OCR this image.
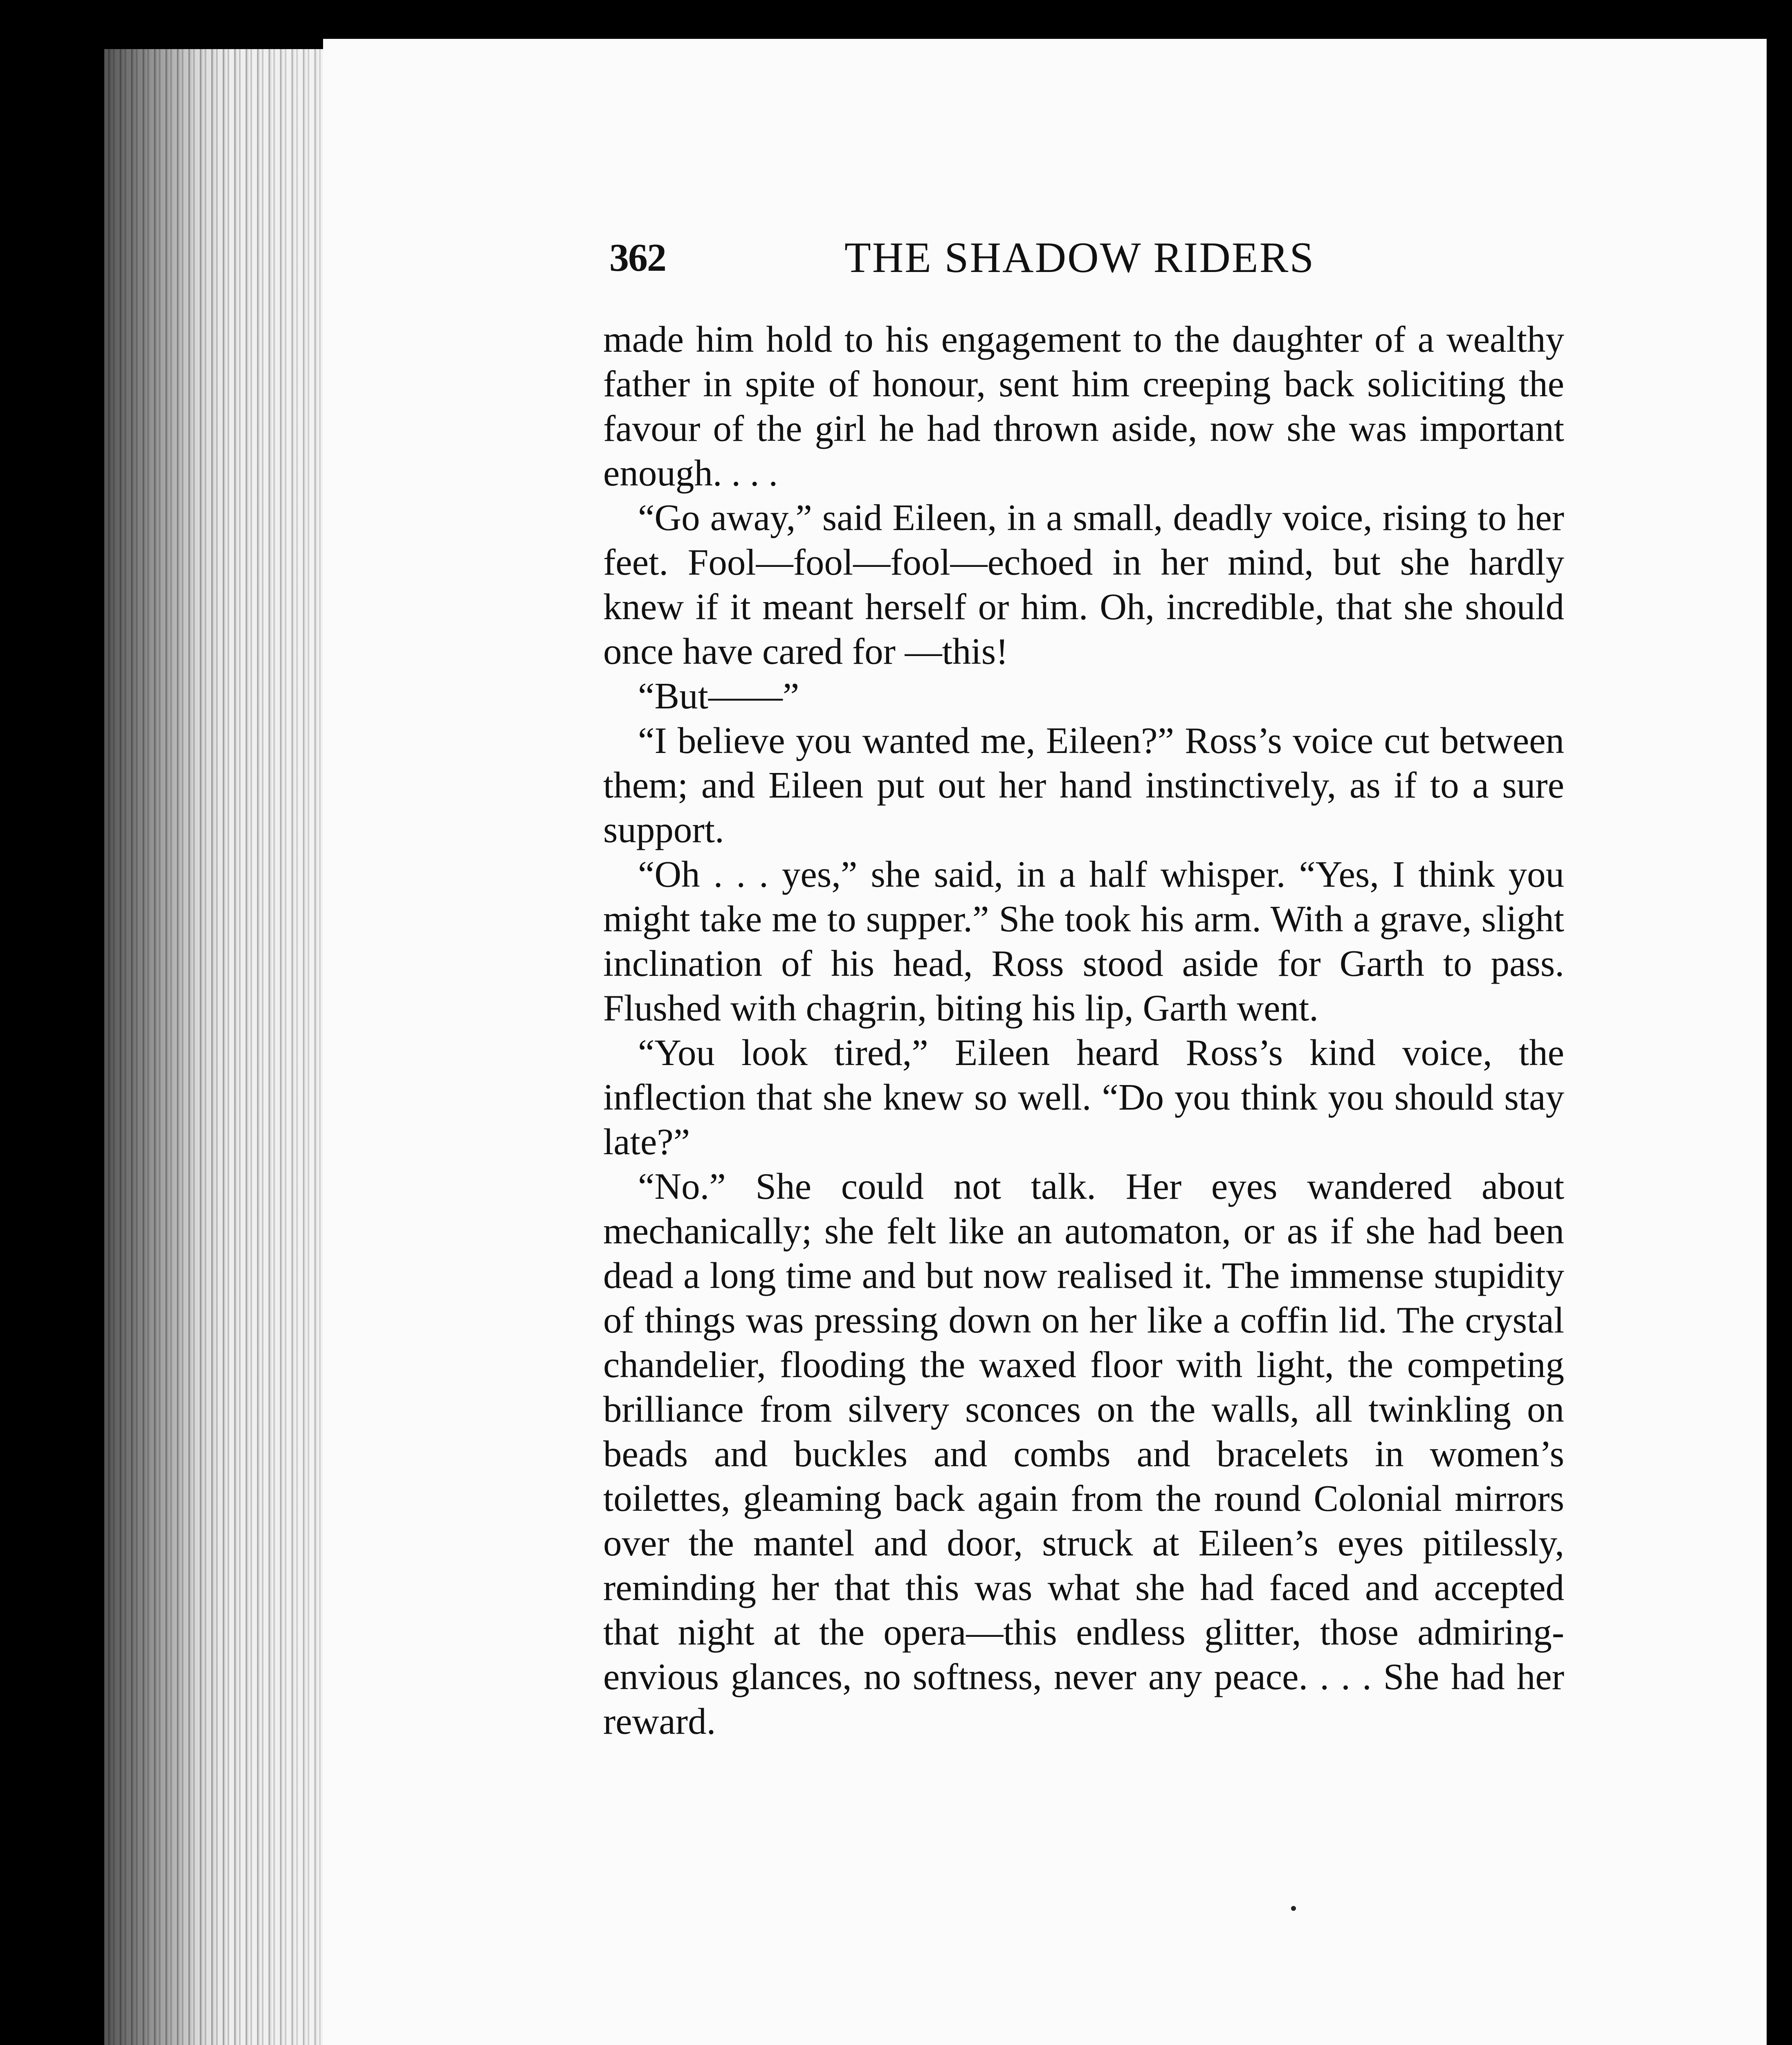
362	THE SHADOW RIDERS
made him hold to his engagement to the daughter of a wealthy father in spite of honour, sent him creeping back soliciting the favour of the girl he had thrown aside, now she was important enough. . . .
“Go away,” said Eileen, in a small, deadly voice, rising to her feet. Fool—fool—fool—echoed in her mind, but she hardly knew if it meant herself or him. Oh, incredible, that she should once have cared for —this!
“But——”
“I believe you wanted me, Eileen?” Ross’s voice cut between them; and Eileen put out her hand instinctively, as if to a sure support.
“Oh . . . yes,” she said, in a half whisper. “Yes, I think you might take me to supper.” She took his arm. With a grave, slight inclination of his head, Ross stood aside for Garth to pass. Flushed with chagrin, biting his lip, Garth went.
“You look tired,” Eileen heard Ross’s kind voice, the inflection that she knew so well. “Do you think you should stay late?”
“No.” She could not talk. Her eyes wandered about mechanically; she felt like an automaton, or as if she had been dead a long time and but now realised it. The immense stupidity of things was pressing down on her like a coffin lid. The crystal chandelier, flooding the waxed floor with light, the competing brilliance from silvery sconces on the walls, all twinkling on beads and buckles and combs and bracelets in women’s toilettes, gleaming back again from the round Colonial mirrors over the mantel and door, struck at Eileen’s eyes pitilessly, reminding her that this was what she had faced and accepted that night at the opera—this endless glitter, those admiring-envious glances, no softness, never any peace. . . . She had her reward.
